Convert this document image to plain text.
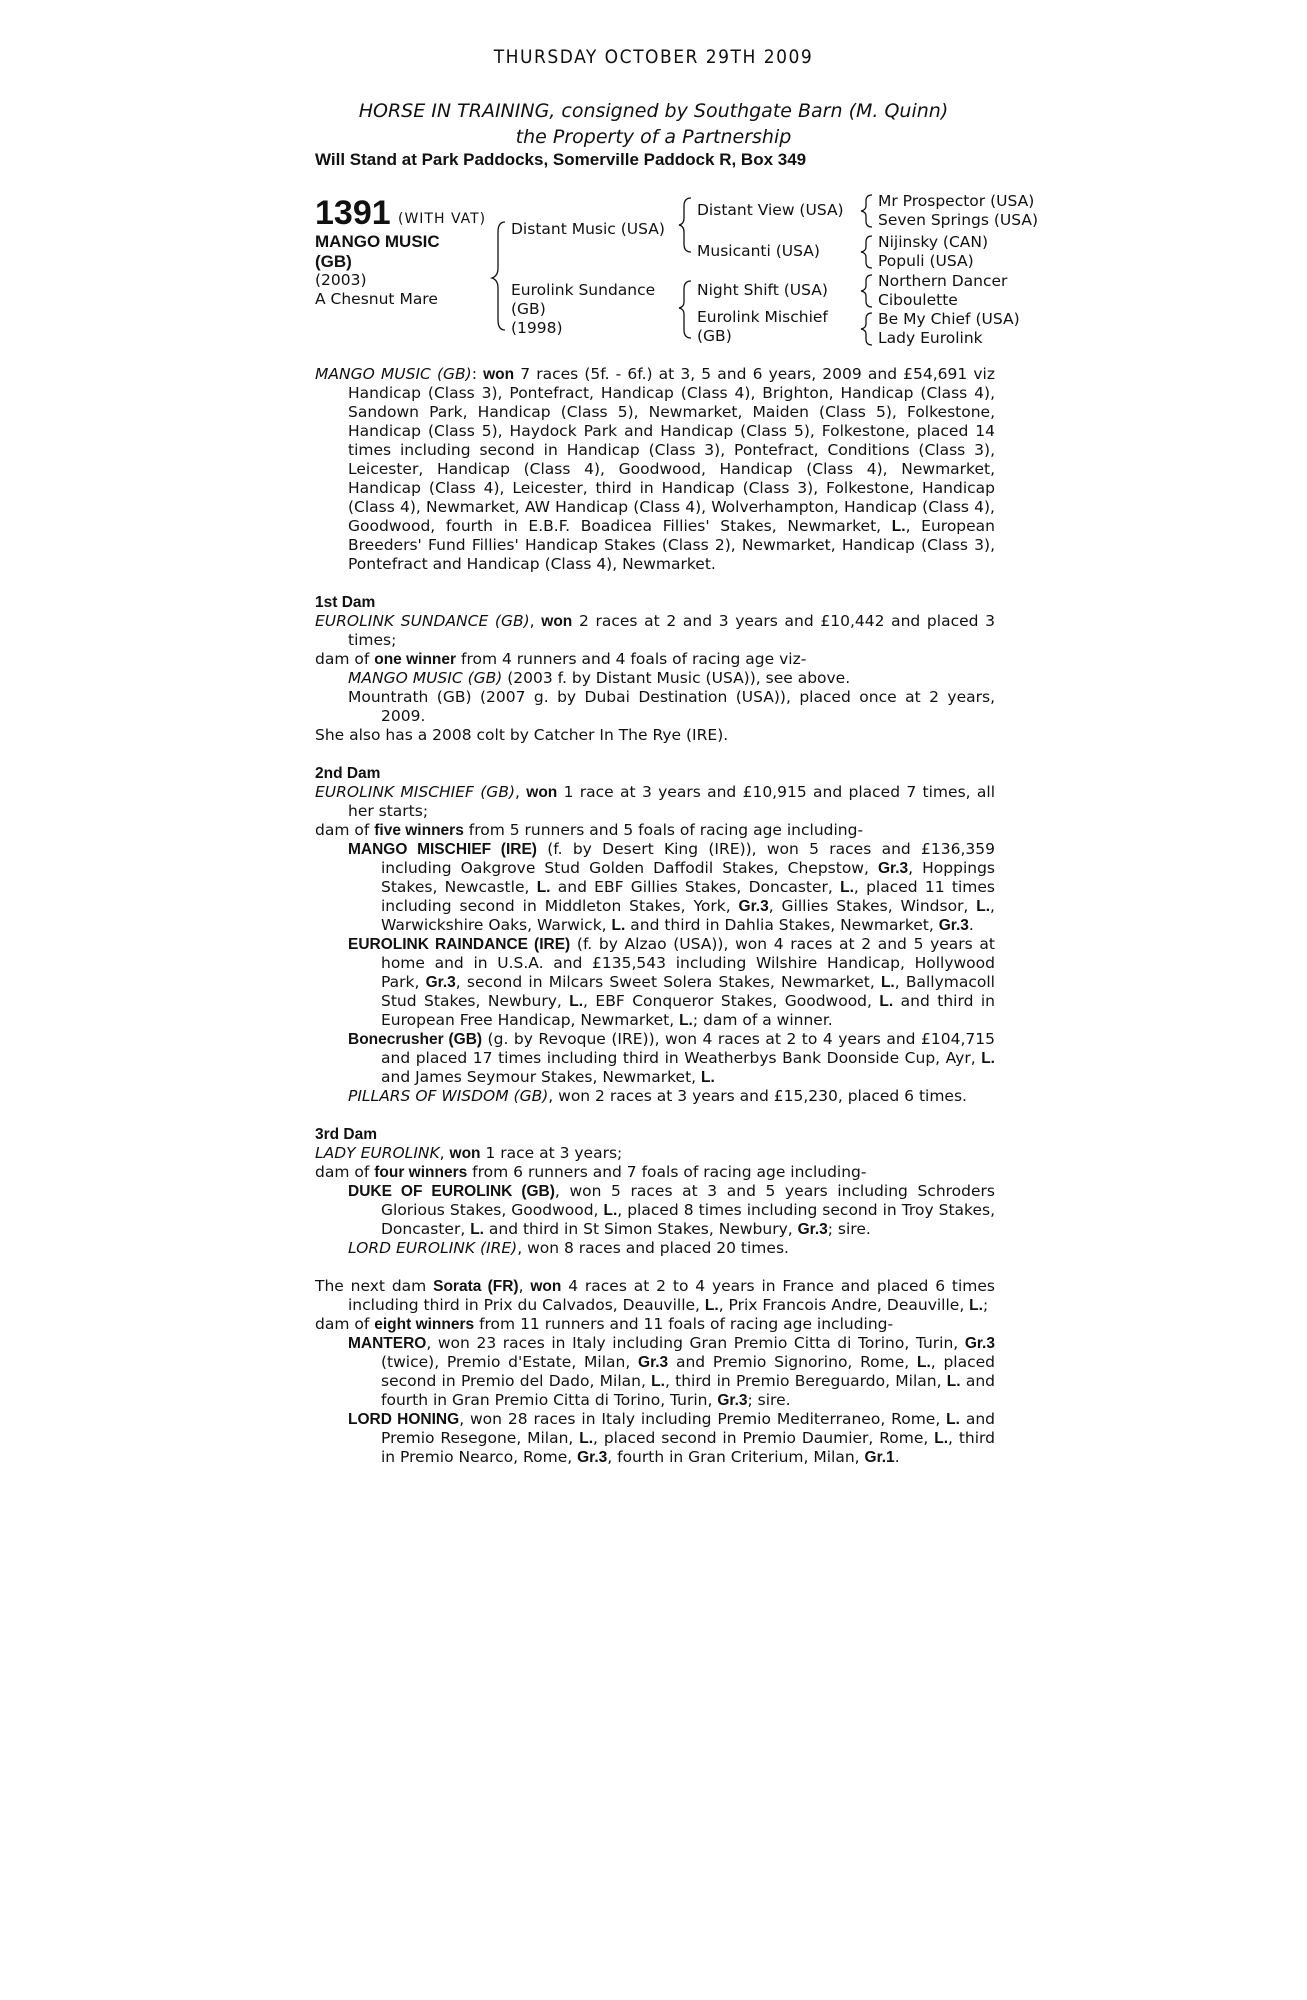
THURSDAY OCTOBER 29TH 2009
HORSE IN TRAINING, consigned by Southgate Barn (M. Quinn)
the Property of a Partnership
Will Stand at Park Paddocks, Somerville Paddock R, Box 349
1391 (WITH VAT)
MANGO MUSIC
(GB)
(2003)
A Chesnut Mare
Distant Music (USA)
Eurolink Sundance
(GB)
(1998)
Distant View (USA)
Musicanti (USA)
Night Shift (USA)
Eurolink Mischief
(GB)
Mr Prospector (USA)
Seven Springs (USA)
Nijinsky (CAN)
Populi (USA)
Northern Dancer
Ciboulette
Be My Chief (USA)
Lady Eurolink

MANGO MUSIC (GB): won 7 races (5f. - 6f.) at 3, 5 and 6 years, 2009 and £54,691 viz Handicap (Class 3), Pontefract, Handicap (Class 4), Brighton, Handicap (Class 4), Sandown Park, Handicap (Class 5), Newmarket, Maiden (Class 5), Folkestone, Handicap (Class 5), Haydock Park and Handicap (Class 5), Folkestone, placed 14 times including second in Handicap (Class 3), Pontefract, Conditions (Class 3), Leicester, Handicap (Class 4), Goodwood, Handicap (Class 4), Newmarket, Handicap (Class 4), Leicester, third in Handicap (Class 3), Folkestone, Handicap (Class 4), Newmarket, AW Handicap (Class 4), Wolverhampton, Handicap (Class 4), Goodwood, fourth in E.B.F. Boadicea Fillies' Stakes, Newmarket, L., European Breeders' Fund Fillies' Handicap Stakes (Class 2), Newmarket, Handicap (Class 3), Pontefract and Handicap (Class 4), Newmarket.

1st Dam

EUROLINK SUNDANCE (GB), won 2 races at 2 and 3 years and £10,442 and placed 3 times;

dam of one winner from 4 runners and 4 foals of racing age viz-

MANGO MUSIC (GB) (2003 f. by Distant Music (USA)), see above.

Mountrath (GB) (2007 g. by Dubai Destination (USA)), placed once at 2 years, 2009.

She also has a 2008 colt by Catcher In The Rye (IRE).

2nd Dam

EUROLINK MISCHIEF (GB), won 1 race at 3 years and £10,915 and placed 7 times, all her starts;

dam of five winners from 5 runners and 5 foals of racing age including-

MANGO MISCHIEF (IRE) (f. by Desert King (IRE)), won 5 races and £136,359 including Oakgrove Stud Golden Daffodil Stakes, Chepstow, Gr.3, Hoppings Stakes, Newcastle, L. and EBF Gillies Stakes, Doncaster, L., placed 11 times including second in Middleton Stakes, York, Gr.3, Gillies Stakes, Windsor, L., Warwickshire Oaks, Warwick, L. and third in Dahlia Stakes, Newmarket, Gr.3.

EUROLINK RAINDANCE (IRE) (f. by Alzao (USA)), won 4 races at 2 and 5 years at home and in U.S.A. and £135,543 including Wilshire Handicap, Hollywood Park, Gr.3, second in Milcars Sweet Solera Stakes, Newmarket, L., Ballymacoll Stud Stakes, Newbury, L., EBF Conqueror Stakes, Goodwood, L. and third in European Free Handicap, Newmarket, L.; dam of a winner.

Bonecrusher (GB) (g. by Revoque (IRE)), won 4 races at 2 to 4 years and £104,715 and placed 17 times including third in Weatherbys Bank Doonside Cup, Ayr, L. and James Seymour Stakes, Newmarket, L.

PILLARS OF WISDOM (GB), won 2 races at 3 years and £15,230, placed 6 times.

3rd Dam

LADY EUROLINK, won 1 race at 3 years;

dam of four winners from 6 runners and 7 foals of racing age including-

DUKE OF EUROLINK (GB), won 5 races at 3 and 5 years including Schroders Glorious Stakes, Goodwood, L., placed 8 times including second in Troy Stakes, Doncaster, L. and third in St Simon Stakes, Newbury, Gr.3; sire.

LORD EUROLINK (IRE), won 8 races and placed 20 times.

The next dam Sorata (FR), won 4 races at 2 to 4 years in France and placed 6 times including third in Prix du Calvados, Deauville, L., Prix Francois Andre, Deauville, L.;

dam of eight winners from 11 runners and 11 foals of racing age including-

MANTERO, won 23 races in Italy including Gran Premio Citta di Torino, Turin, Gr.3 (twice), Premio d'Estate, Milan, Gr.3 and Premio Signorino, Rome, L., placed second in Premio del Dado, Milan, L., third in Premio Bereguardo, Milan, L. and fourth in Gran Premio Citta di Torino, Turin, Gr.3; sire.

LORD HONING, won 28 races in Italy including Premio Mediterraneo, Rome, L. and Premio Resegone, Milan, L., placed second in Premio Daumier, Rome, L., third in Premio Nearco, Rome, Gr.3, fourth in Gran Criterium, Milan, Gr.1.
